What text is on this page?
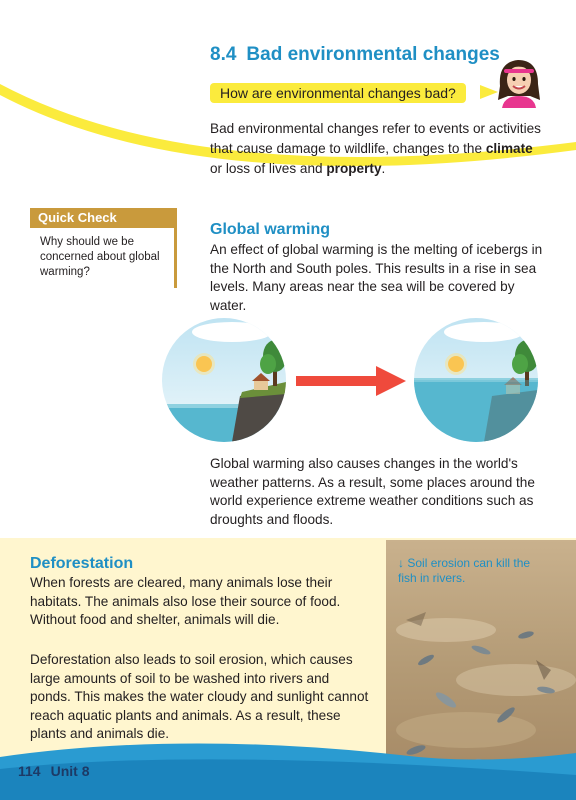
8.4 Bad environmental changes
How are environmental changes bad?

Bad environmental changes refer to events or activities that cause damage to wildlife, changes to the climate or loss of lives and property.

Quick Check
Why should we be concerned about global warming?
Global warming

An effect of global warming is the melting of icebergs in the North and South poles. This results in a rise in sea levels. Many areas near the sea will be covered by water.

Global warming also causes changes in the world's weather patterns. As a result, some places around the world experience extreme weather conditions such as droughts and floods.

Deforestation

When forests are cleared, many animals lose their habitats. The animals also lose their source of food. Without food and shelter, animals will die.

Deforestation also leads to soil erosion, which causes large amounts of soil to be washed into rivers and ponds. This makes the water cloudy and sunlight cannot reach aquatic plants and animals. As a result, these plants and animals die.

↓ Soil erosion can kill the fish in rivers.
114 Unit 8
